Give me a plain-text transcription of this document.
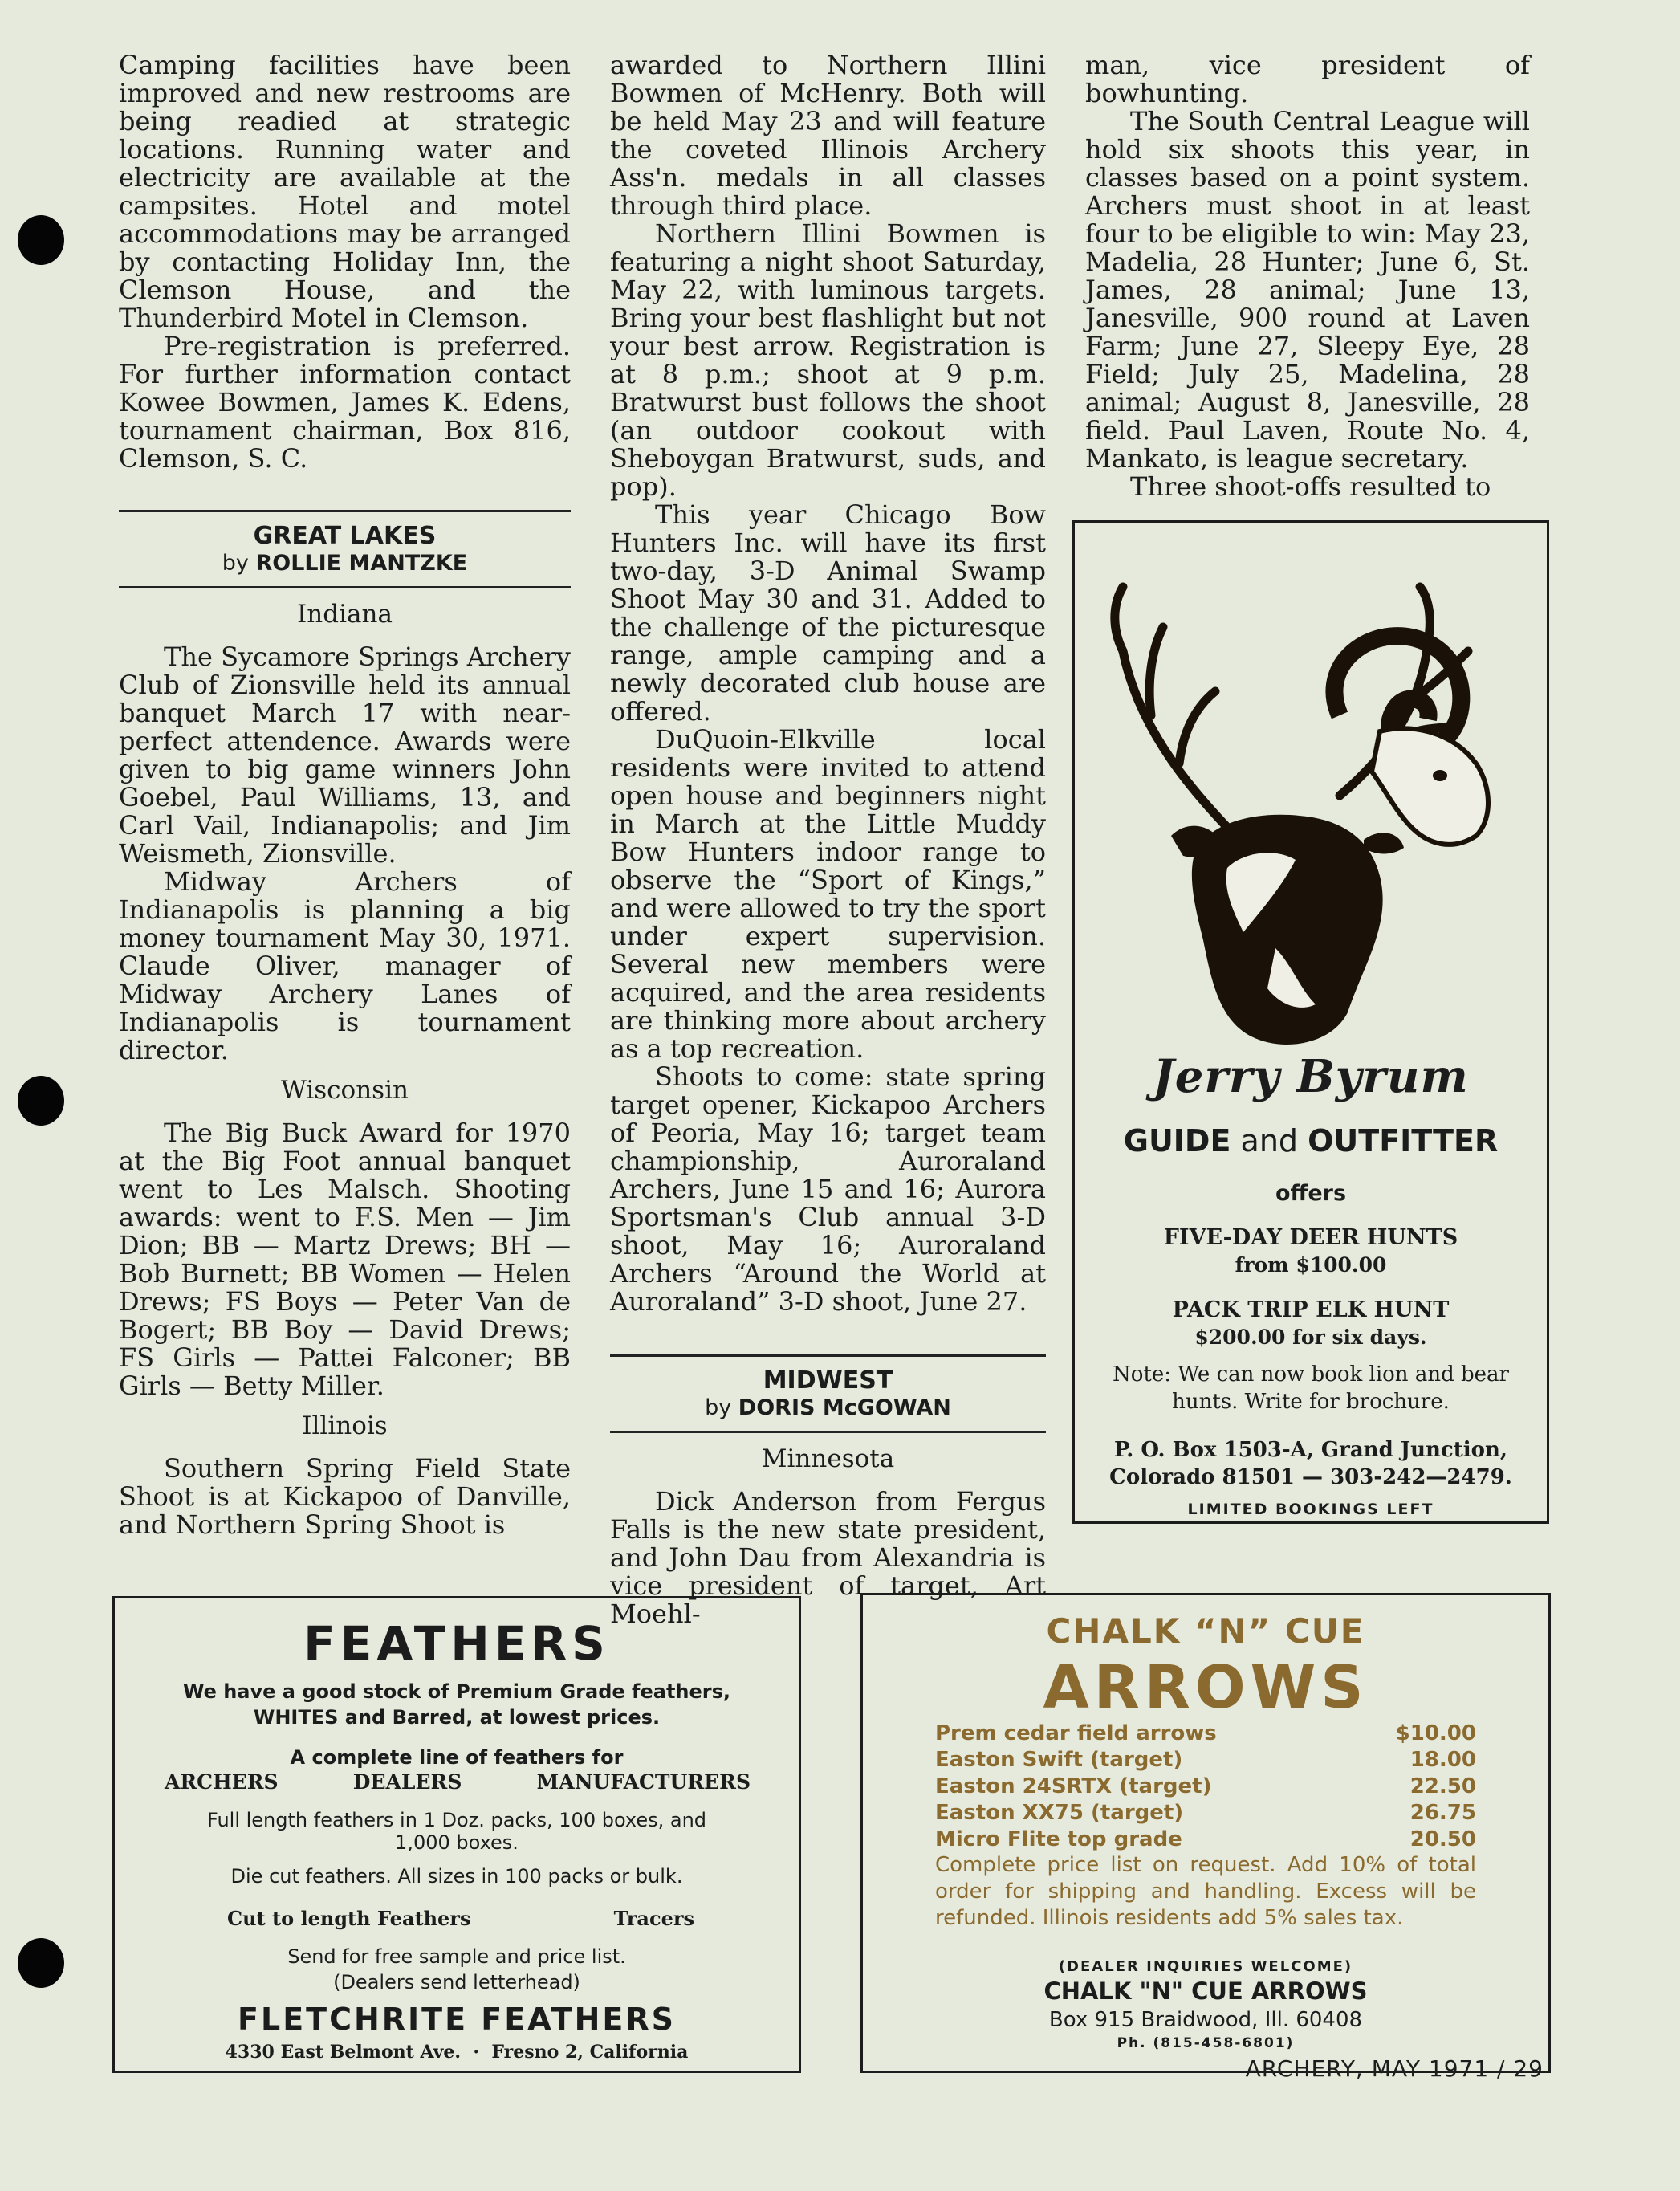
Camping facilities have been improved and new restrooms are being readied at strategic locations. Running water and electricity are available at the campsites. Hotel and motel accommodations may be arranged by contacting Holiday Inn, the Clemson House, and the Thunderbird Motel in Clemson.

Pre-registration is preferred. For further information contact Kowee Bowmen, James K. Edens, tournament chairman, Box 816, Clemson, S. C.

GREAT LAKES
by ROLLIE MANTZKE
Indiana

The Sycamore Springs Archery Club of Zionsville held its annual banquet March 17 with near-perfect attendence. Awards were given to big game winners John Goebel, Paul Williams, 13, and Carl Vail, Indianapolis; and Jim Weismeth, Zionsville.

Midway Archers of Indianapolis is planning a big money tournament May 30, 1971. Claude Oliver, manager of Midway Archery Lanes of Indianapolis is tournament director.

Wisconsin

The Big Buck Award for 1970 at the Big Foot annual banquet went to Les Malsch. Shooting awards: went to F.S. Men — Jim Dion; BB — Martz Drews; BH — Bob Burnett; BB Women — Helen Drews; FS Boys — Peter Van de Bogert; BB Boy — David Drews; FS Girls — Pattei Falconer; BB Girls — Betty Miller.

Illinois

Southern Spring Field State Shoot is at Kickapoo of Danville, and Northern Spring Shoot is

awarded to Northern Illini Bowmen of McHenry. Both will be held May 23 and will feature the coveted Illinois Archery Ass'n. medals in all classes through third place.

Northern Illini Bowmen is featuring a night shoot Saturday, May 22, with luminous targets. Bring your best flashlight but not your best arrow. Registration is at 8 p.m.; shoot at 9 p.m. Bratwurst bust follows the shoot (an outdoor cookout with Sheboygan Bratwurst, suds, and pop).

This year Chicago Bow Hunters Inc. will have its first two-day, 3-D Animal Swamp Shoot May 30 and 31. Added to the challenge of the picturesque range, ample camping and a newly decorated club house are offered.

DuQuoin-Elkville local residents were invited to attend open house and beginners night in March at the Little Muddy Bow Hunters indoor range to observe the “Sport of Kings,” and were allowed to try the sport under expert supervision. Several new members were acquired, and the area residents are thinking more about archery as a top recreation.

Shoots to come: state spring target opener, Kickapoo Archers of Peoria, May 16; target team championship, Auroraland Archers, June 15 and 16; Aurora Sportsman's Club annual 3-D shoot, May 16; Auroraland Archers “Around the World at Auroraland” 3-D shoot, June 27.

MIDWEST
by DORIS McGOWAN
Minnesota

Dick Anderson from Fergus Falls is the new state president, and John Dau from Alexandria is vice president of target, Art Moehl-

man, vice president of bowhunting.

The South Central League will hold six shoots this year, in classes based on a point system. Archers must shoot in at least four to be eligible to win: May 23, Madelia, 28 Hunter; June 6, St. James, 28 animal; June 13, Janesville, 900 round at Laven Farm; June 27, Sleepy Eye, 28 Field; July 25, Madelina, 28 animal; August 8, Janesville, 28 field. Paul Laven, Route No. 4, Mankato, is league secretary.

Three shoot-offs resulted to

Jerry Byrum
GUIDE and OUTFITTER
offers
FIVE-DAY DEER HUNTS
from $100.00
PACK TRIP ELK HUNT
$200.00 for six days.
Note: We can now book lion and bear hunts. Write for brochure.
P. O. Box 1503-A, Grand Junction, Colorado 81501 — 303-242—2479.
LIMITED BOOKINGS LEFT
FEATHERS
We have a good stock of Premium Grade feathers, WHITES and Barred, at lowest prices.
A complete line of feathers for
ARCHERS	DEALERS	MANUFACTURERS
Full length feathers in 1 Doz. packs, 100 boxes, and 1,000 boxes.
Die cut feathers. All sizes in 100 packs or bulk.
Cut to length Feathers	Tracers
Send for free sample and price list.
(Dealers send letterhead)
FLETCHRITE FEATHERS
4330 East Belmont Ave. · Fresno 2, California
CHALK “N” CUE
ARROWS
Prem cedar field arrows	$10.00
Easton Swift (target)	18.00
Easton 24SRTX (target)	22.50
Easton XX75 (target)	26.75
Micro Flite top grade	20.50
Complete price list on request. Add 10% of total order for shipping and handling. Excess will be refunded. Illinois residents add 5% sales tax.
(DEALER INQUIRIES WELCOME)
CHALK "N" CUE ARROWS
Box 915 Braidwood, Ill. 60408
Ph. (815-458-6801)
ARCHERY, MAY 1971 / 29
